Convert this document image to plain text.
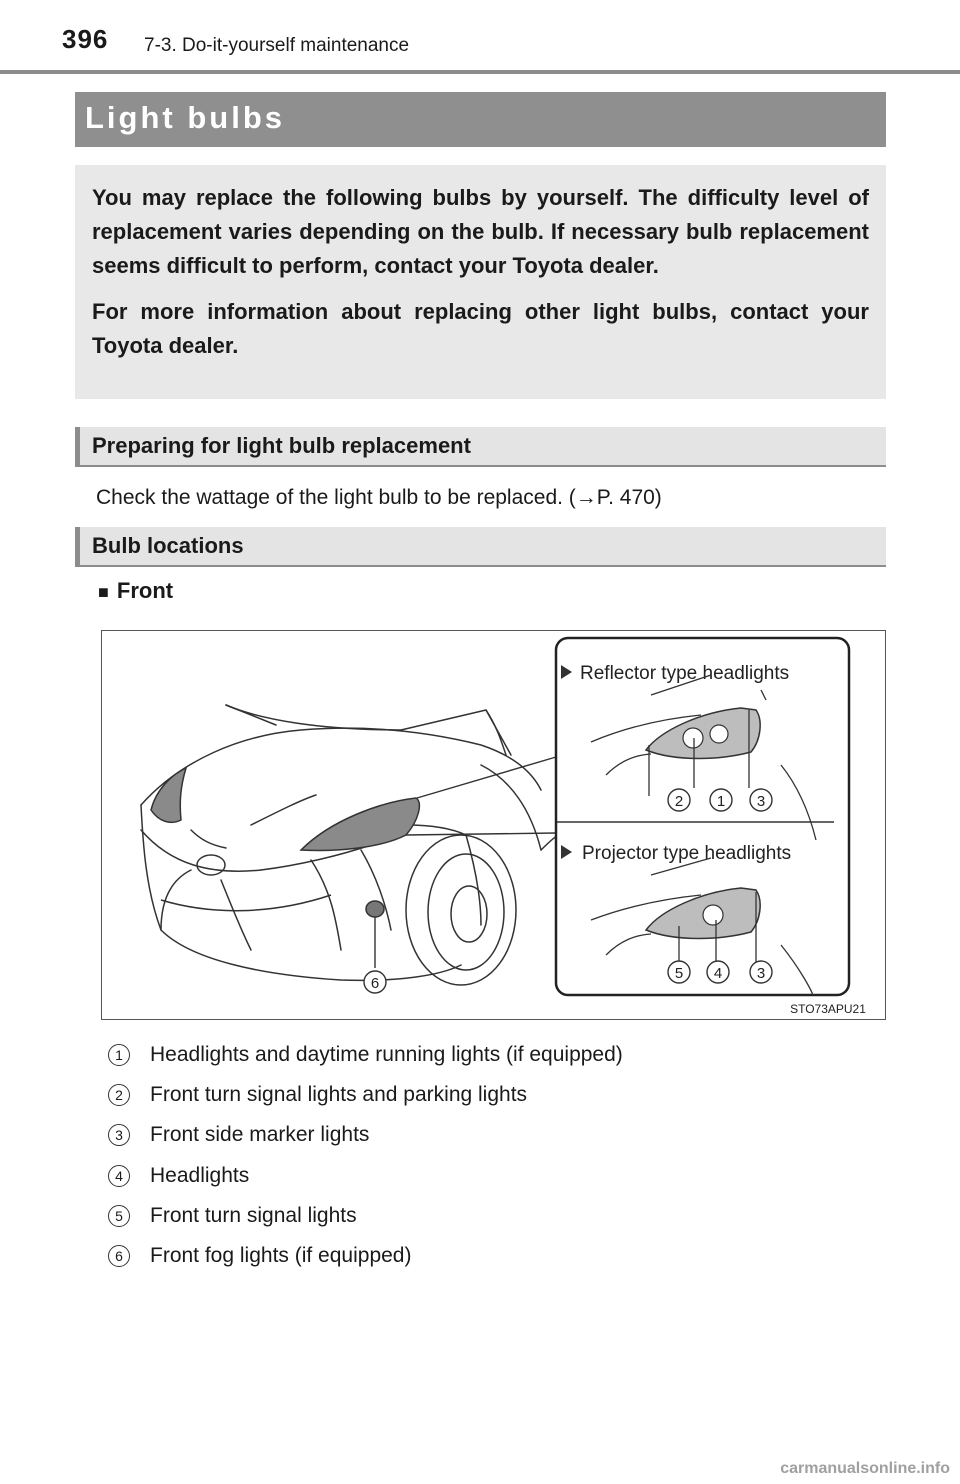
396 7-3. Do-it-yourself maintenance
Light bulbs

You may replace the following bulbs by yourself. The difficulty level of replacement varies depending on the bulb. If necessary bulb replacement seems difficult to perform, contact your Toyota dealer.

For more information about replacing other light bulbs, contact your Toyota dealer.

Preparing for light bulb replacement
Check the wattage of the light bulb to be replaced. (→P. 470)
Bulb locations
■ Front
6
Reflector type headlights
2 1 3
Projector type headlights
5 4 3
STO73APU21
1	Headlights and daytime running lights (if equipped)
2	Front turn signal lights and parking lights
3	Front side marker lights
4	Headlights
5	Front turn signal lights
6	Front fog lights (if equipped)
carmanualsonline.info
